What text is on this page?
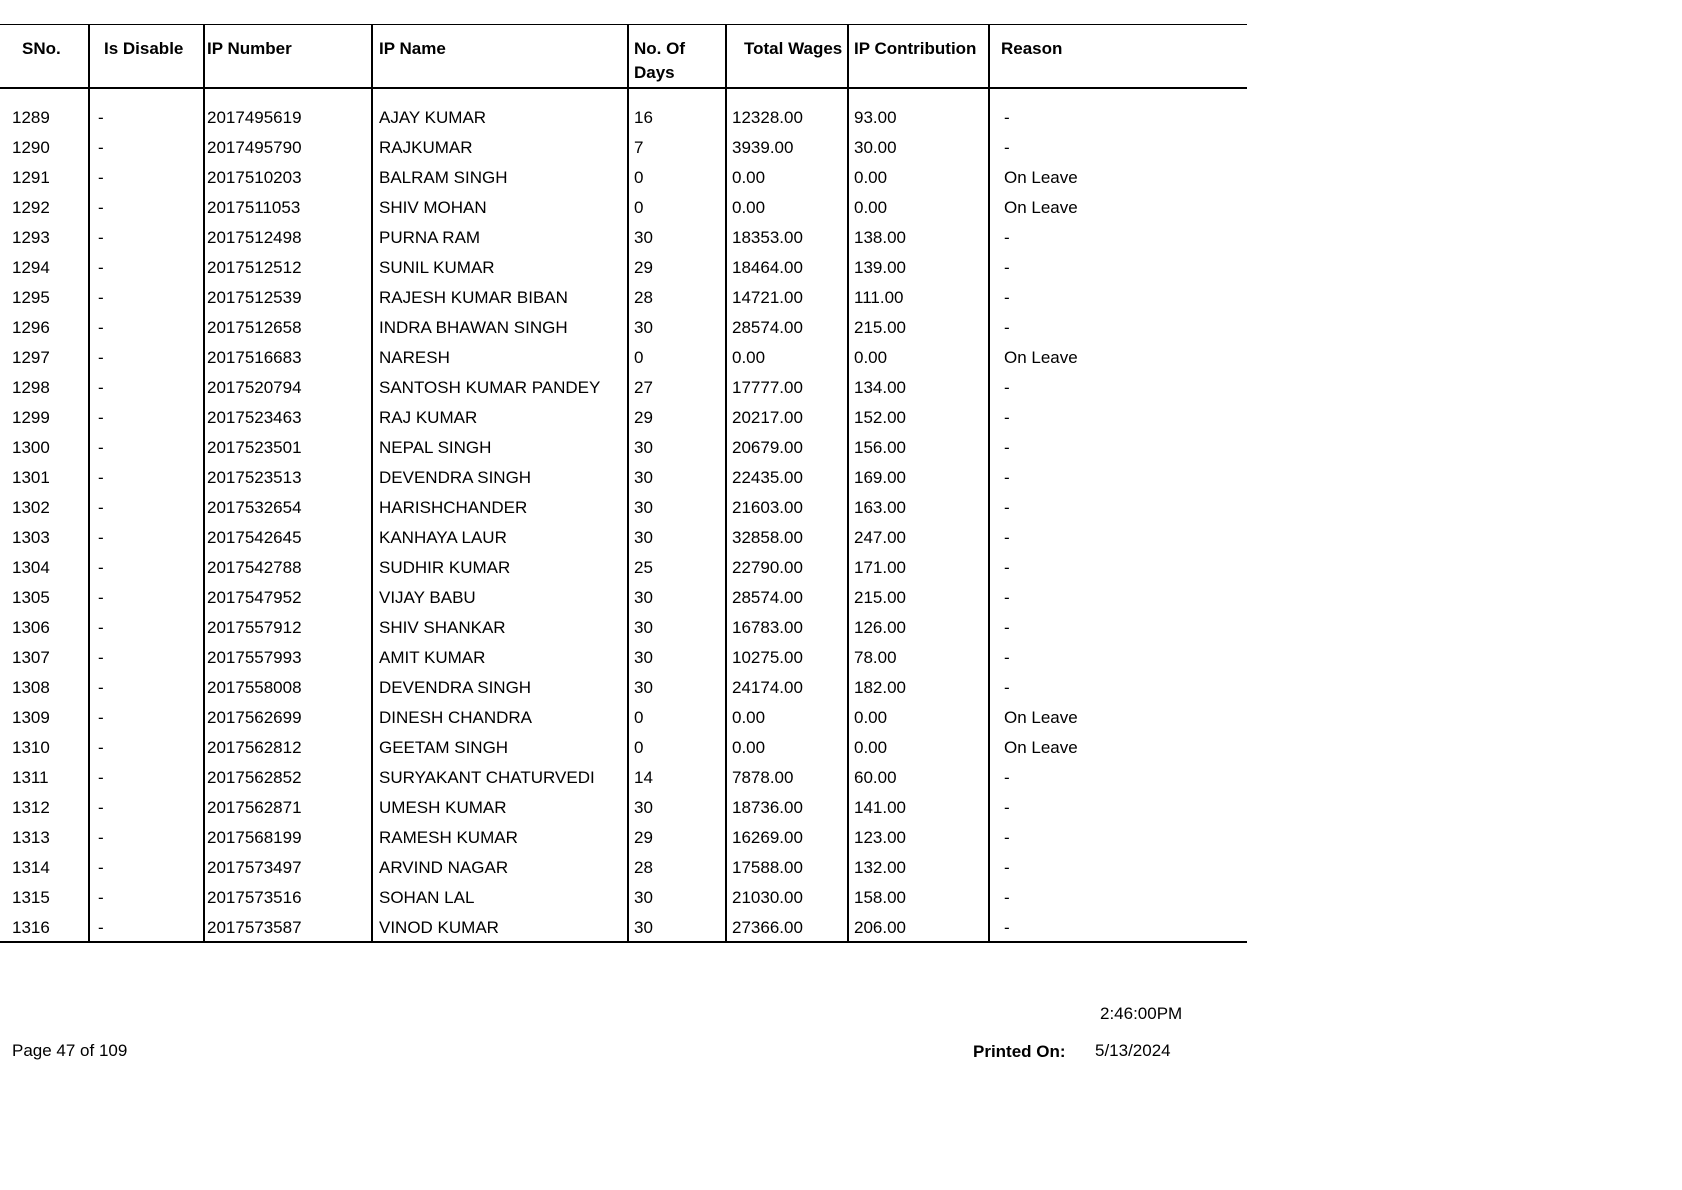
SNo.	Is Disable	IP Number	IP Name	No. Of Days	Total Wages	IP Contribution	Reason

1289	-	2017495619	AJAY KUMAR	16	12328.00	93.00	-
1290	-	2017495790	RAJKUMAR	7	3939.00	30.00	-
1291	-	2017510203	BALRAM SINGH	0	0.00	0.00	On Leave
1292	-	2017511053	SHIV MOHAN	0	0.00	0.00	On Leave
1293	-	2017512498	PURNA RAM	30	18353.00	138.00	-
1294	-	2017512512	SUNIL KUMAR	29	18464.00	139.00	-
1295	-	2017512539	RAJESH KUMAR BIBAN	28	14721.00	111.00	-
1296	-	2017512658	INDRA BHAWAN SINGH	30	28574.00	215.00	-
1297	-	2017516683	NARESH	0	0.00	0.00	On Leave
1298	-	2017520794	SANTOSH KUMAR PANDEY	27	17777.00	134.00	-
1299	-	2017523463	RAJ KUMAR	29	20217.00	152.00	-
1300	-	2017523501	NEPAL SINGH	30	20679.00	156.00	-
1301	-	2017523513	DEVENDRA SINGH	30	22435.00	169.00	-
1302	-	2017532654	HARISHCHANDER	30	21603.00	163.00	-
1303	-	2017542645	KANHAYA LAUR	30	32858.00	247.00	-
1304	-	2017542788	SUDHIR KUMAR	25	22790.00	171.00	-
1305	-	2017547952	VIJAY BABU	30	28574.00	215.00	-
1306	-	2017557912	SHIV SHANKAR	30	16783.00	126.00	-
1307	-	2017557993	AMIT KUMAR	30	10275.00	78.00	-
1308	-	2017558008	DEVENDRA SINGH	30	24174.00	182.00	-
1309	-	2017562699	DINESH CHANDRA	0	0.00	0.00	On Leave
1310	-	2017562812	GEETAM SINGH	0	0.00	0.00	On Leave
1311	-	2017562852	SURYAKANT CHATURVEDI	14	7878.00	60.00	-
1312	-	2017562871	UMESH KUMAR	30	18736.00	141.00	-
1313	-	2017568199	RAMESH KUMAR	29	16269.00	123.00	-
1314	-	2017573497	ARVIND NAGAR	28	17588.00	132.00	-
1315	-	2017573516	SOHAN LAL	30	21030.00	158.00	-
1316	-	2017573587	VINOD KUMAR	30	27366.00	206.00	-
2:46:00PM
Page 47 of 109	Printed On: 5/13/2024
